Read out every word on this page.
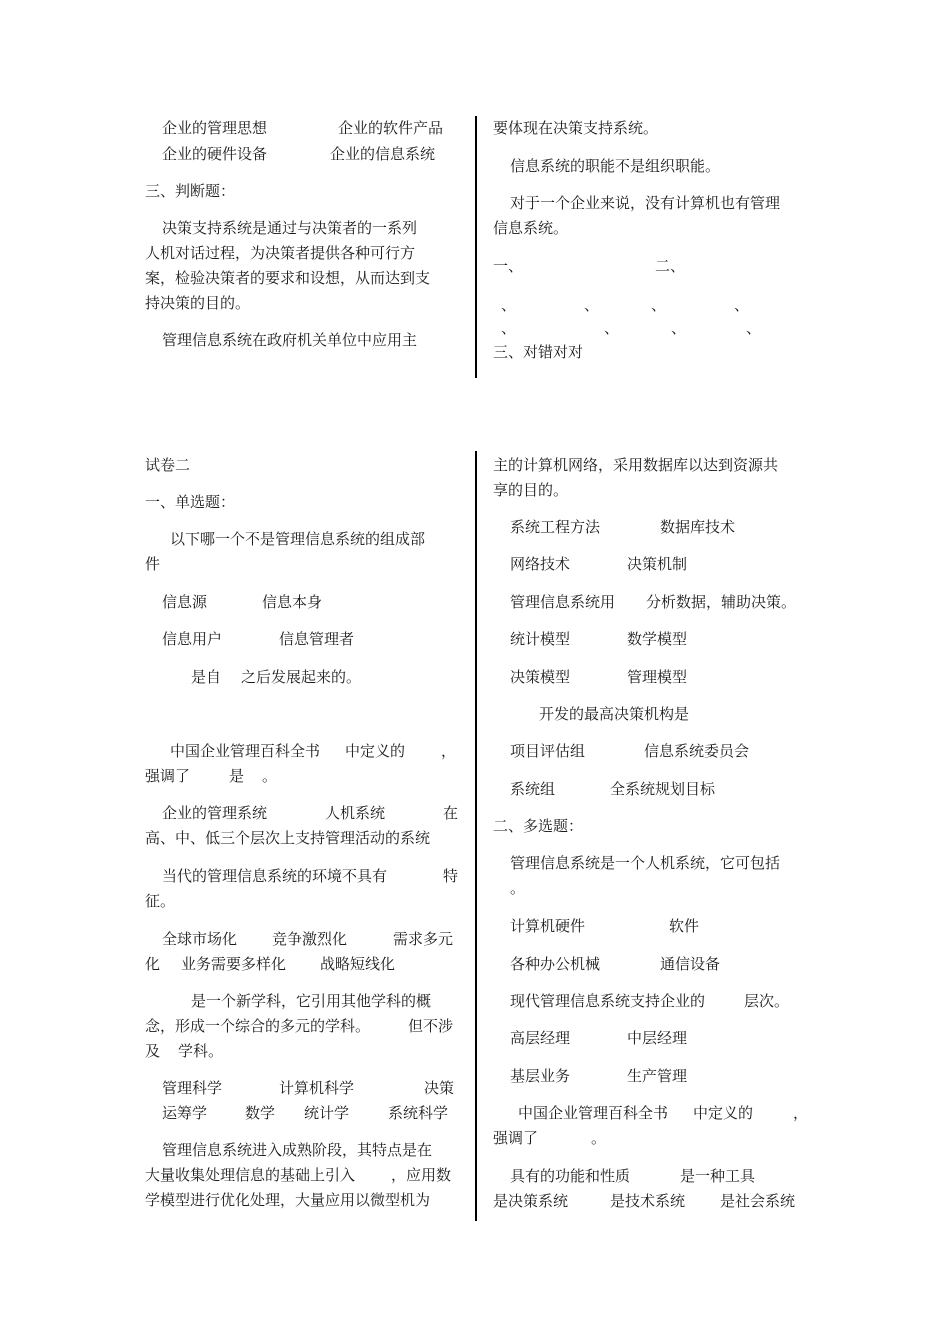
企业的管理思想	企业的软件产品
企业的硬件设备	企业的信息系统
三、判断题：
决策支持系统是通过与决策者的一系列
人机对话过程，为决策者提供各种可行方
案，检验决策者的要求和设想，从而达到支
持决策的目的。
管理信息系统在政府机关单位中应用主
要体现在决策支持系统。
信息系统的职能不是组织职能。
对于一个企业来说，没有计算机也有管理
信息系统。
一、	二、
、	、	、	、
、	、	、	、
三、对错对对
试卷二
一、单选题：
以下哪一个不是管理信息系统的组成部
件
信息源	信息本身
信息用户	信息管理者
是自 之后发展起来的。
中国企业管理百科全书 中定义的 ，
强调了	是 。
企业的管理系统	人机系统	在
高、中、低三个层次上支持管理活动的系统
当代的管理信息系统的环境不具有	特
征。
全球市场化 竞争激烈化	需求多元
化 业务需要多样化 战略短线化
是一个新学科，它引用其他学科的概
念，形成一个综合的多元的学科。	但不涉
及 学科。
管理科学	计算机科学	决策
运筹学	数学 统计学	系统科学
管理信息系统进入成熟阶段，其特点是在
大量收集处理信息的基础上引入 ，应用数
学模型进行优化处理，大量应用以微型机为
主的计算机网络，采用数据库以达到资源共
享的目的。
系统工程方法	数据库技术
网络技术	决策机制
管理信息系统用 分析数据，辅助决策。
统计模型	数学模型
决策模型	管理模型
开发的最高决策机构是
项目评估组	信息系统委员会
系统组	全系统规划目标
二、多选题：
管理信息系统是一个人机系统，它可包括
。
计算机硬件	软件
各种办公机械	通信设备
现代管理信息系统支持企业的	层次。
高层经理	中层经理
基层业务	生产管理
中国企业管理百科全书 中定义的	，
强调了	。
具有的功能和性质	是一种工具
是决策系统	是技术系统 是社会系统
